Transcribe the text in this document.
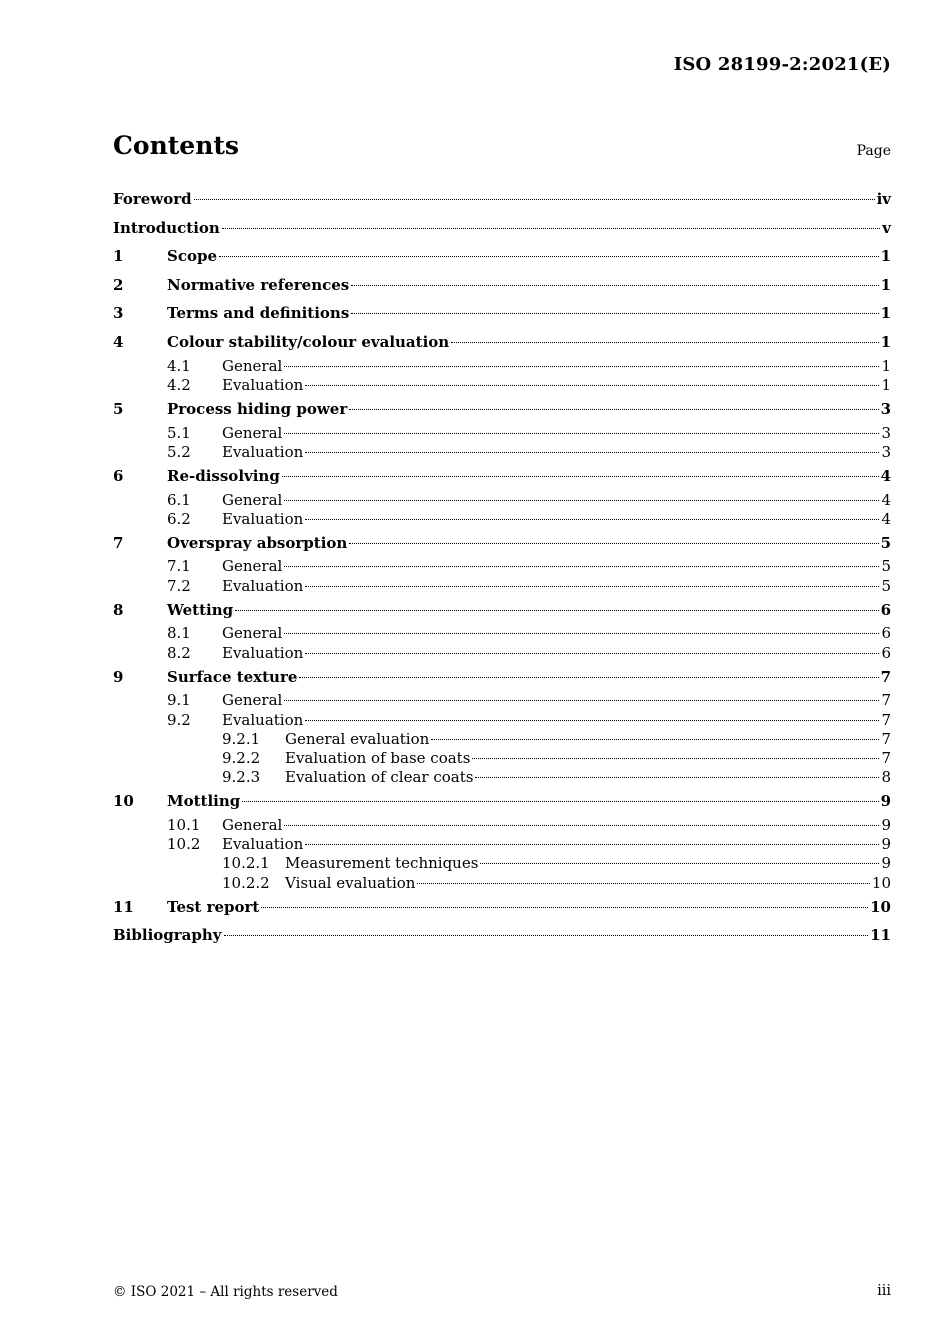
ISO 28199-2:2021(E)
Contents	Page
Foreword	iv
Introduction	v
1	Scope	1
2	Normative references	1
3	Terms and definitions	1
4	Colour stability/colour evaluation	1
4.1	General	1
4.2	Evaluation	1
5	Process hiding power	3
5.1	General	3
5.2	Evaluation	3
6	Re-dissolving	4
6.1	General	4
6.2	Evaluation	4
7	Overspray absorption	5
7.1	General	5
7.2	Evaluation	5
8	Wetting	6
8.1	General	6
8.2	Evaluation	6
9	Surface texture	7
9.1	General	7
9.2	Evaluation	7
9.2.1	General evaluation	7
9.2.2	Evaluation of base coats	7
9.2.3	Evaluation of clear coats	8
10	Mottling	9
10.1	General	9
10.2	Evaluation	9
10.2.1	Measurement techniques	9
10.2.2	Visual evaluation	10
11	Test report	10
Bibliography	11
© ISO 2021 – All rights reserved	iii
